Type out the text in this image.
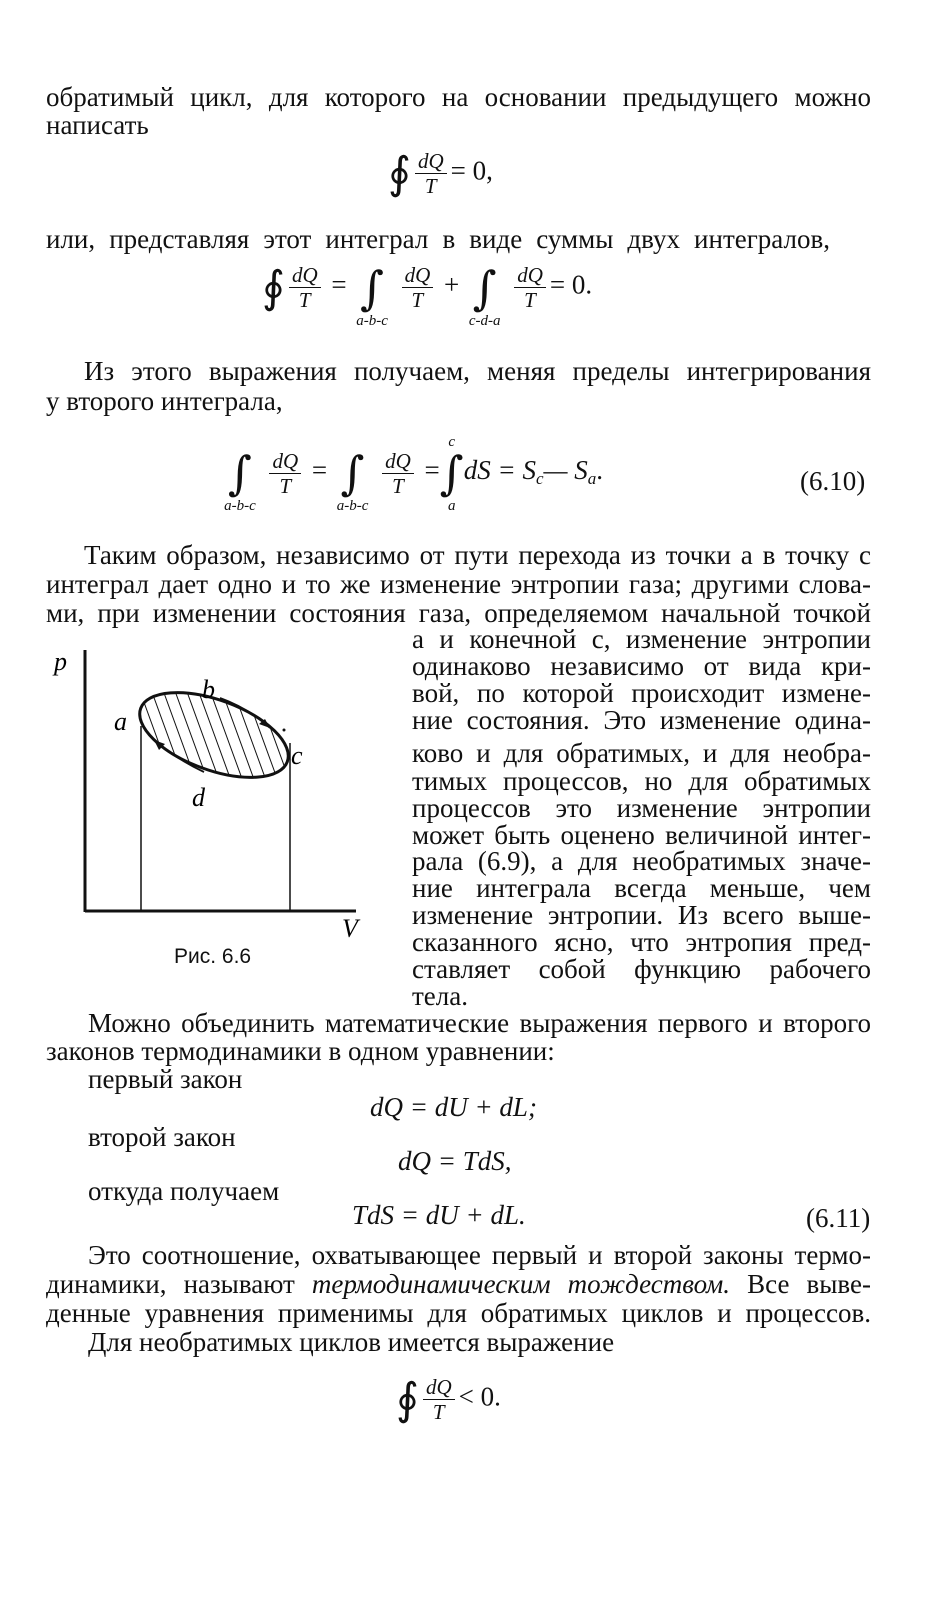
обратимый цикл, для которого на основании предыдущего можно
написать
∮ $\frac{dQ}{T} = 0$,
или, представляя этот интеграл в виде суммы двух интегралов,
∮ $\frac{dQ}{T}$ = ∫
a-b-c

$\frac{dQ}{T}$ + ∫
c-d-a

$\frac{dQ}{T} = 0$.
Из этого выражения получаем, меняя пределы интегрирования
у второго интеграла,
∫
a-b-c

$\frac{dQ}{T}$ = ∫
a-b-c

$\frac{dQ}{T}$ =
c
∫
a
dS = Sc— Sa.	(6.10)
Таким образом, независимо от пути перехода из точки a в точку c
интеграл дает одно и то же изменение энтропии газа; другими слова-
ми, при изменении состояния газа, определяемом начальной точкой
a и конечной c, изменение энтропии
одинаково независимо от вида кри-
вой, по которой происходит измене-
ние состояния. Это изменение одина-
ково и для обратимых, и для необра-
тимых процессов, но для обратимых
процессов это изменение энтропии
может быть оценено величиной интег-
рала (6.9), а для необратимых значе-
ние интеграла всегда меньше, чем
изменение энтропии. Из всего выше-
сказанного ясно, что энтропия пред-
ставляет собой функцию рабочего
тела.
p
V
a
b
c
d
Рис. 6.6
Можно объединить математические выражения первого и второго
законов термодинамики в одном уравнении:
первый закон
dQ = dU + dL;
второй закон
dQ = TdS,
откуда получаем
TdS = dU + dL.	(6.11)
Это соотношение, охватывающее первый и второй законы термо-
динамики, называют термодинамическим тождеством. Все выве-
денные уравнения применимы для обратимых циклов и процессов.
Для необратимых циклов имеется выражение
∮ $\frac{dQ}{T} < 0$.
